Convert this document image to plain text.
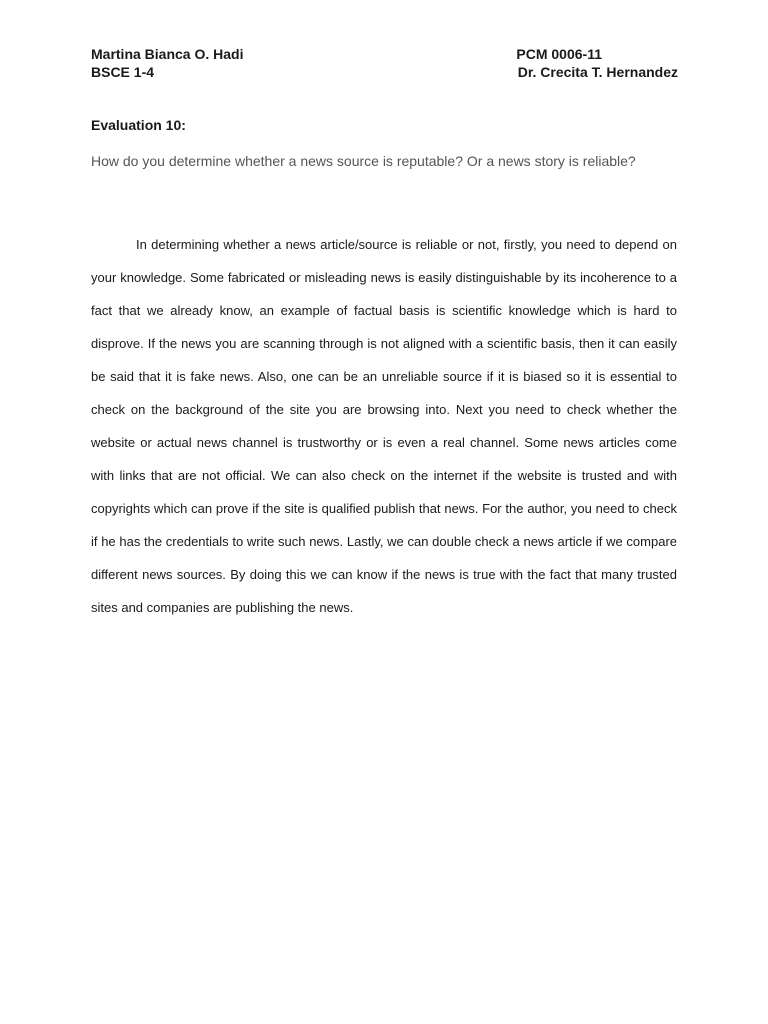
Martina Bianca O. Hadi	PCM 0006-11
BSCE 1-4	Dr. Crecita T. Hernandez
Evaluation 10:
How do you determine whether a news source is reputable? Or a news story is reliable?
In determining whether a news article/source is reliable or not, firstly, you need to depend on your knowledge. Some fabricated or misleading news is easily distinguishable by its incoherence to a fact that we already know, an example of factual basis is scientific knowledge which is hard to disprove. If the news you are scanning through is not aligned with a scientific basis, then it can easily be said that it is fake news. Also, one can be an unreliable source if it is biased so it is essential to check on the background of the site you are browsing into. Next you need to check whether the website or actual news channel is trustworthy or is even a real channel. Some news articles come with links that are not official. We can also check on the internet if the website is trusted and with copyrights which can prove if the site is qualified publish that news. For the author, you need to check if he has the credentials to write such news. Lastly, we can double check a news article if we compare different news sources. By doing this we can know if the news is true with the fact that many trusted sites and companies are publishing the news.
